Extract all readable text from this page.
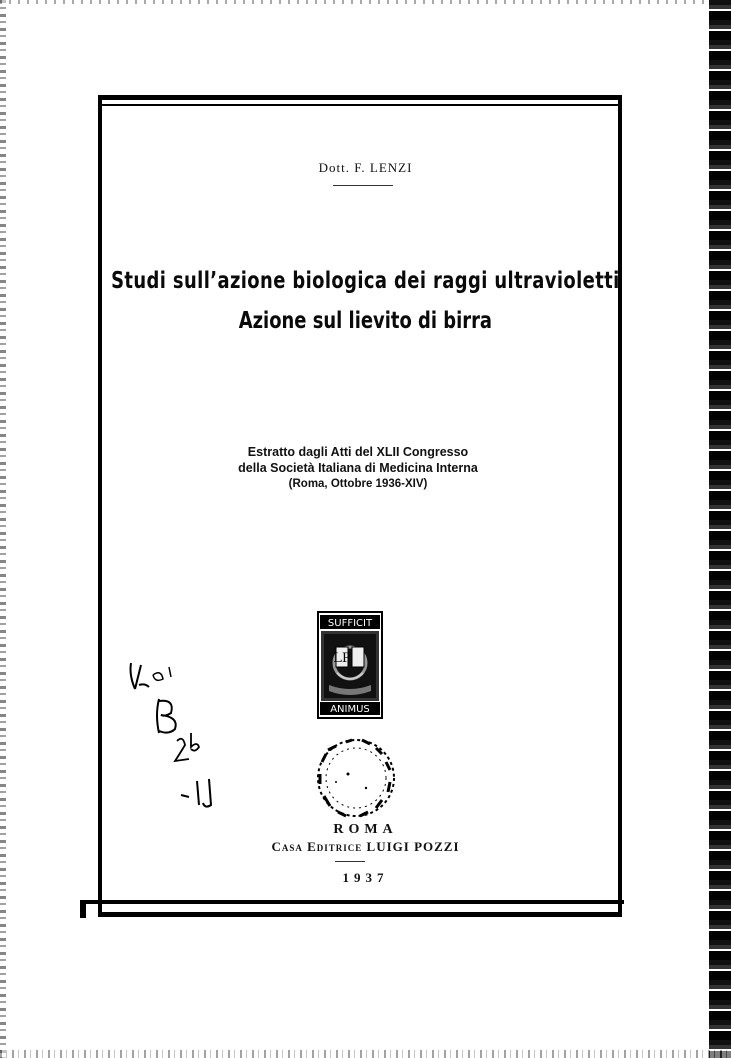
Dott. F. LENZI
Studi sull’azione biologica dei raggi ultravioletti
Azione sul lievito di birra
Estratto dagli Atti del XLII Congresso
della Società Italiana di Medicina Interna
(Roma, Ottobre 1936-XIV)
SUFFICIT
LP
ANIMUS
ROMA
Casa Editrice LUIGI POZZI
1937
